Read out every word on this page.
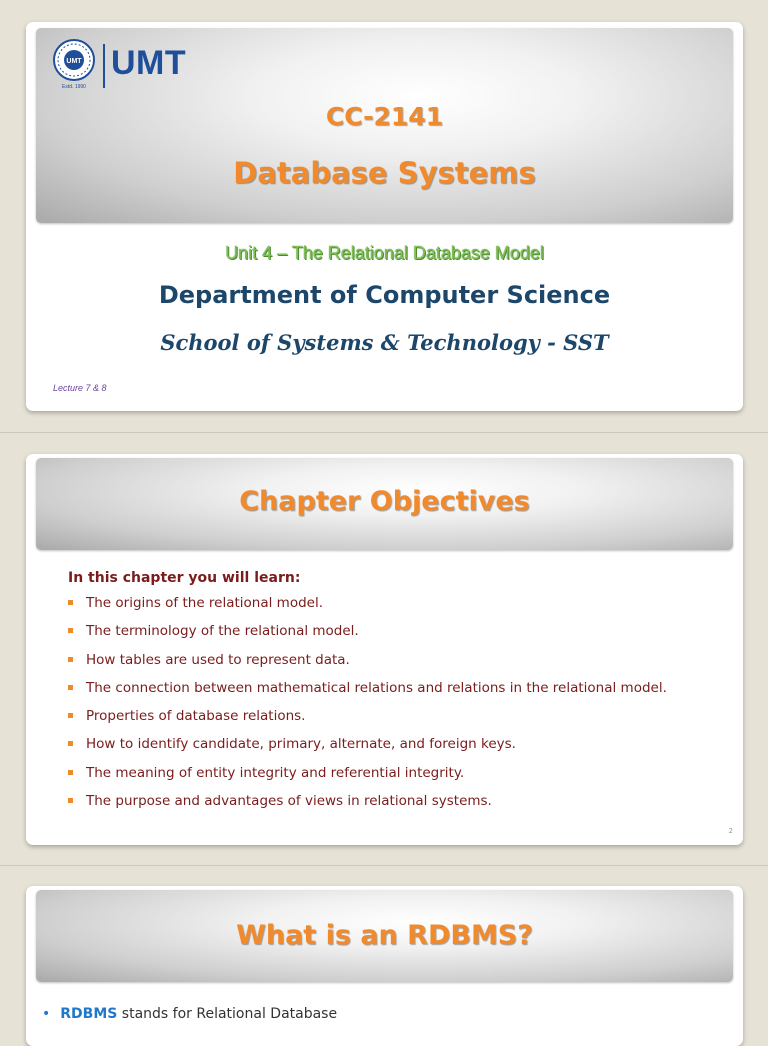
UMT
Estd. 1990
UMT
CC-2141
Database Systems
Unit 4 – The Relational Database Model
Department of Computer Science
School of Systems & Technology - SST
Lecture 7 & 8
Chapter Objectives
In this chapter you will learn:
The origins of the relational model.
The terminology of the relational model.
How tables are used to represent data.
The connection between mathematical relations and relations in the relational model.
Properties of database relations.
How to identify candidate, primary, alternate, and foreign keys.
The meaning of entity integrity and referential integrity.
The purpose and advantages of views in relational systems.
2
What is an RDBMS?
• RDBMS stands for Relational Database
